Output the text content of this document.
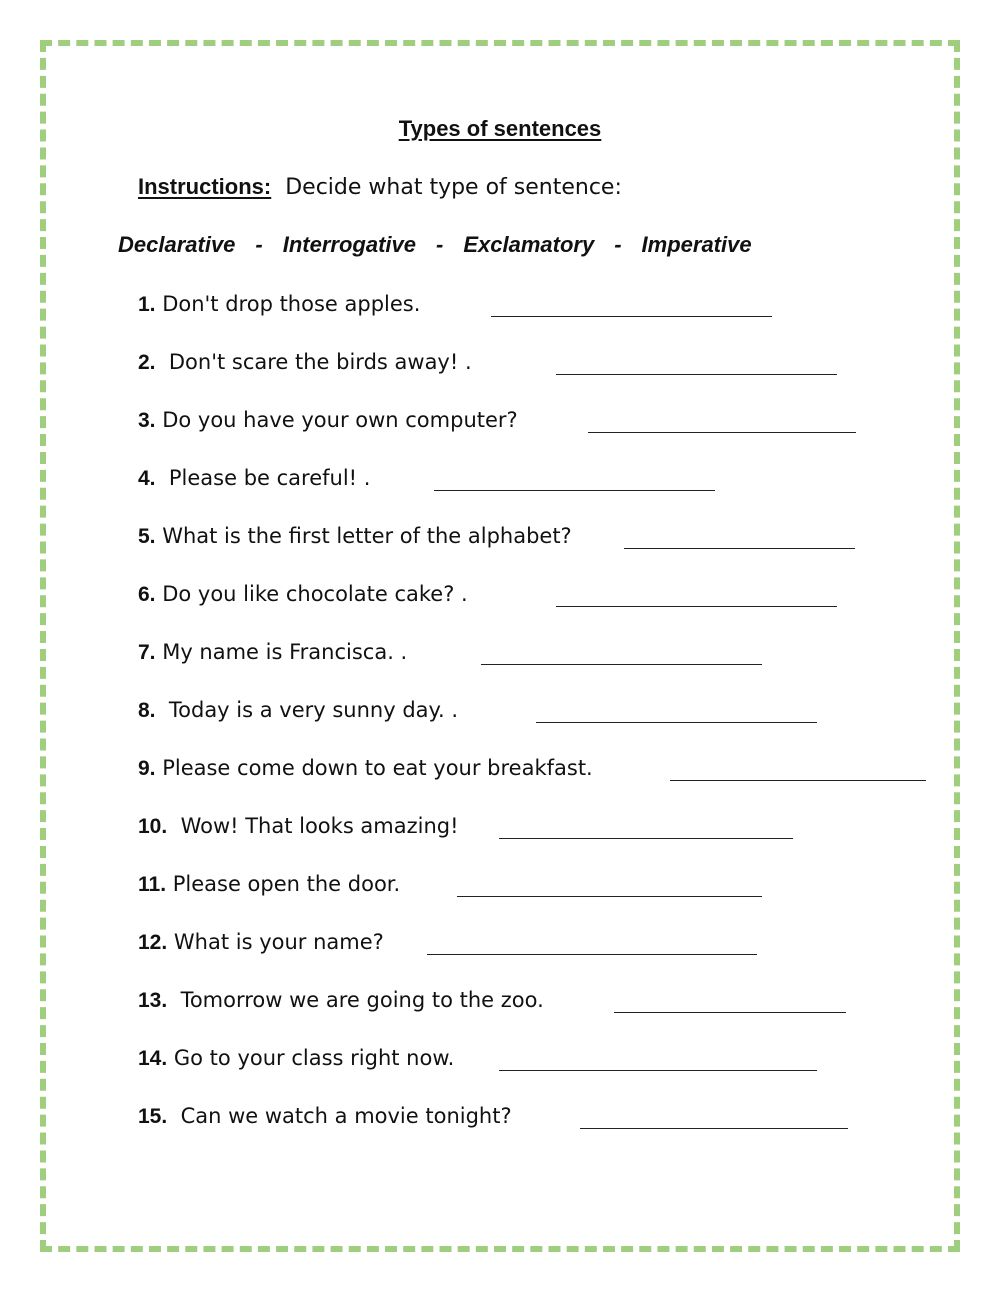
Types of sentences
Instructions: Decide what type of sentence:
Declarative - Interrogative - Exclamatory - Imperative
1. Don't drop those apples.
2. Don't scare the birds away! .
3. Do you have your own computer?
4. Please be careful! .
5. What is the first letter of the alphabet?
6. Do you like chocolate cake? .
7. My name is Francisca. .
8. Today is a very sunny day. .
9. Please come down to eat your breakfast.
10. Wow! That looks amazing!
11. Please open the door.
12. What is your name?
13. Tomorrow we are going to the zoo.
14. Go to your class right now.
15. Can we watch a movie tonight?
